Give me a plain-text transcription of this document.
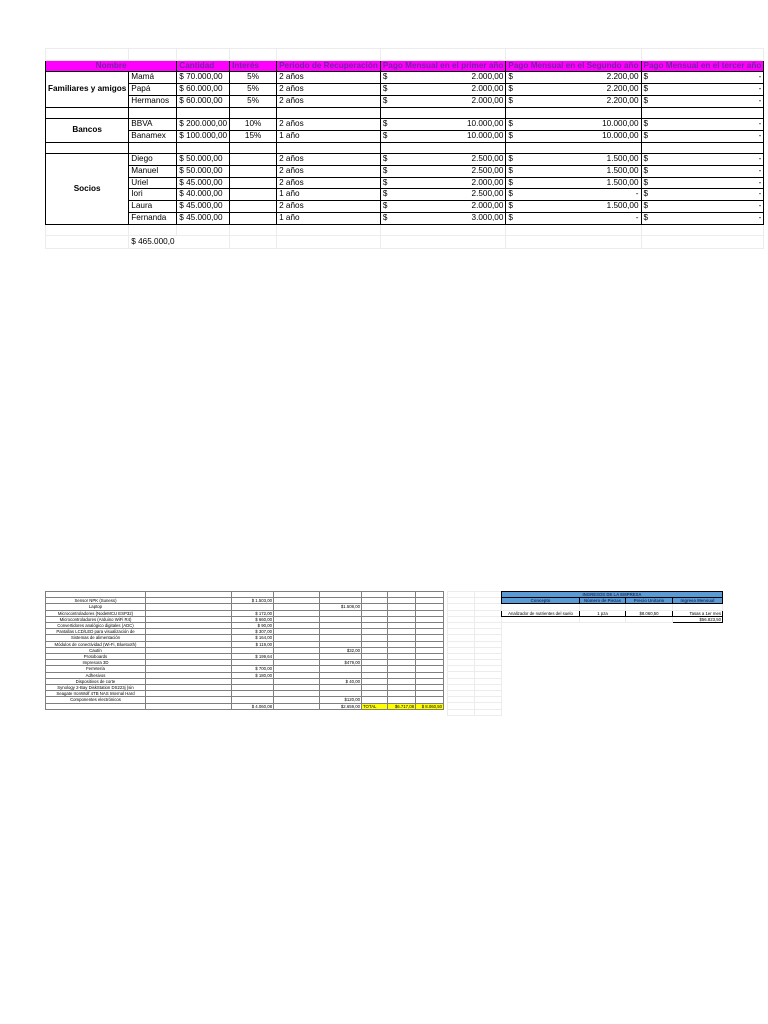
Nombre		Cantidad	Interés	Periodo de Recuperación	Pago Mensual en el primer año	Pago Mensual en el Segundo año	Pago Mensual en el tercer año
Familiares y amigos	Mamá	$ 70.000,00	5%	2 años	$ 2.000,00	$ 2.200,00	$ -

	Papá	$ 60.000,00	5%	2 años	$ 2.000,00	$ 2.200,00	$ -

	Hermanos	$ 60.000,00	5%	2 años	$ 2.000,00	$ 2.200,00	$ -

Bancos	BBVA	$ 200.000,00	10%	2 años	$ 10.000,00	$ 10.000,00	$ -

	Banamex	$ 100.000,00	15%	1 año	$ 10.000,00	$ 10.000,00	$ -

Socios	Diego	$ 50.000,00		2 años	$ 2.500,00	$ 1.500,00	$ -

	Manuel	$ 50.000,00		2 años	$ 2.500,00	$ 1.500,00	$ -

	Uriel	$ 45.000,00		2 años	$ 2.000,00	$ 1.500,00	$ -

	Iori	$ 40.000,00		1 año	$ 2.500,00	$ -	$ -

	Laura	$ 45.000,00		2 años	$ 2.000,00	$ 1.500,00	$ -

	Fernanda	$ 45.000,00		1 año	$ 3.000,00	$ -	$ -

	$ 465.000,0						

Sensor NPK (Suness)		$ 1.503,00					
Laptop				$1.508,00			
Microcontroladores (NodeMCU ESP32)		$ 172,00					
Microcontroladores (Arduino WiFi R4)		$ 660,00					
Convertidores analógico digitales (ADC)		$ 90,00					
Pantallas LCD/LED para visualización de		$ 307,00					
Sistemas de alimentación		$ 164,00					
Módulos de conectividad (Wi-Fi, Bluetooth)		$ 119,00					
Cautín				$32,00			
Protoboards		$ 199,64					
Impresora 3D				$479,00			
Ferretería		$ 700,00					
Adhesivos		$ 180,00					
Dispositivos de corte				$ 40,00			
Synology 2-Bay DiskStation DS223j (sin							
Seagate IronWolf 4TB NAS Internal Hard							
Componentes electrónicos				$120,00			
		$ 4.060,08		$2.659,00	TOTAL	$6.717,08	$ 8.060,50

INGRESOS DE LA EMPRESA			
Concepto	Número de Piezas	Precio Unitario	Ingreso Mensual

Analizador de nutrientes del suelo	1 pza	$8.060,50	Tasas a 1er mes
			$56.823,50
